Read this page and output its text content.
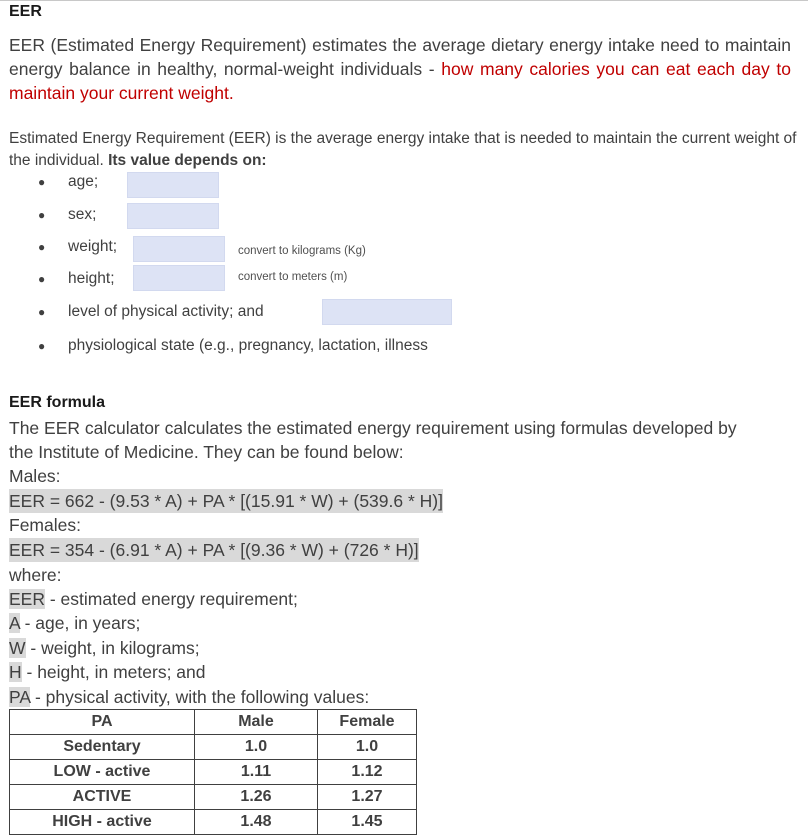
EER
EER (Estimated Energy Requirement) estimates the average dietary energy intake need to maintain energy balance in healthy, normal-weight individuals - how many calories you can eat each day to maintain your current weight.
Estimated Energy Requirement (EER) is the average energy intake that is needed to maintain the current weight of the individual. Its value depends on:
● age;
● sex;
● weight;	convert to kilograms (Kg)
● height;	convert to meters (m)
● level of physical activity; and
● physiological state (e.g., pregnancy, lactation, illness
EER formula
The EER calculator calculates the estimated energy requirement using formulas developed by
the Institute of Medicine. They can be found below:
Males:
EER = 662 - (9.53 * A) + PA * [(15.91 * W) + (539.6 * H)]
Females:
EER = 354 - (6.91 * A) + PA * [(9.36 * W) + (726 * H)]
where:
EER - estimated energy requirement;
A - age, in years;
W - weight, in kilograms;
H - height, in meters; and
PA - physical activity, with the following values:
PA	Male	Female
Sedentary	1.0	1.0
LOW - active	1.11	1.12
ACTIVE	1.26	1.27
HIGH - active	1.48	1.45
